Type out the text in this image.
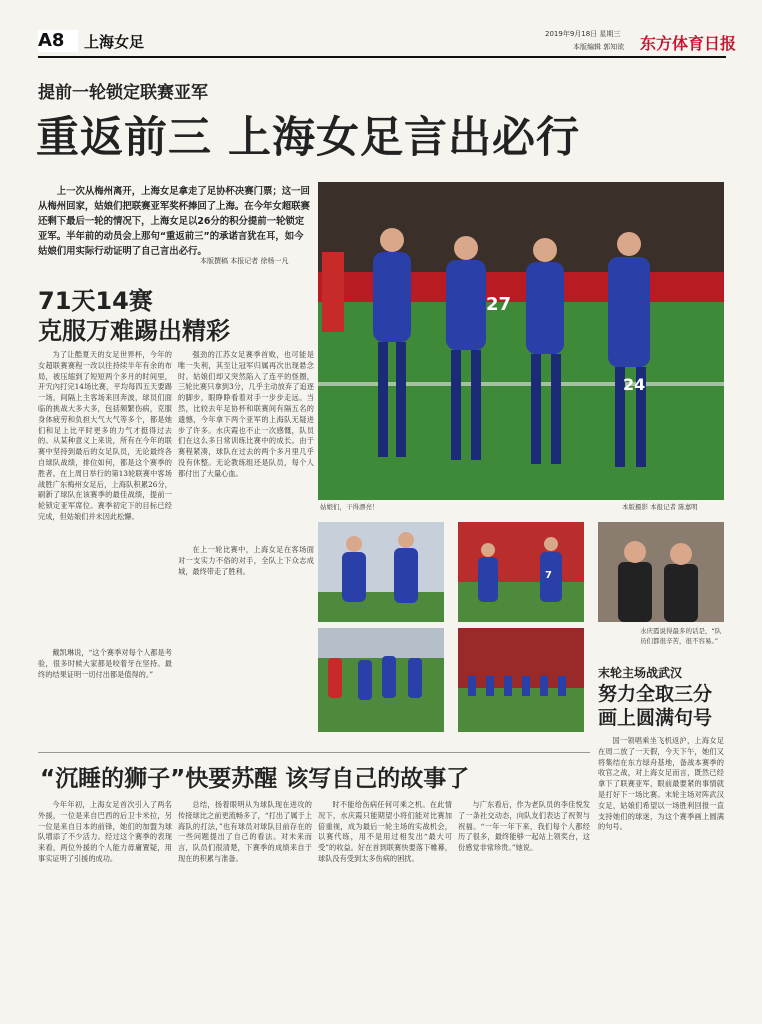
A8	上海女足	2019年9月18日 星期三
本版编辑 郭知欲 东方体育日报
提前一轮锁定联赛亚军
重返前三 上海女足言出必行
上一次从梅州离开，上海女足拿走了足协杯决赛门票；这一回从梅州回家，姑娘们把联赛亚军奖杯捧回了上海。在今年女超联赛还剩下最后一轮的情况下，上海女足以26分的积分提前一轮锁定亚军。半年前的动员会上那句“重返前三”的承诺言犹在耳，如今姑娘们用实际行动证明了自己言出必行。
本版撰稿 本报记者 徐杨一凡
27
24
姑娘们，干得漂亮！	本版摄影 本报记者 陈嘉明
71天14赛
克服万难踢出精彩
为了让酷夏天的女足世界杯，今年的女超联赛赛程一改以往持续半年有余的布局，被压缩到了短短两个多月的时间里，开宄內打完14场比赛，平均每四五天要踢一场，间隔上主客场来回奔波，球员们面临的挑战大多大多，包括频繁伤病，克服身体疲劳和负担大气大气等多个，都是她们和足上比平时更多的力气才挺得过去的。从某种意义上来说，所有在今年的联赛中坚持到最后的女足队员，无论最终各自球队战绩，排位如何，都是这个赛季的胜者。在上周日举行的第13轮联赛中客场战胜广东梅州女足后，上海队积累26分，刷新了球队在该赛季的最佳战绩，提前一轮锁定亚军席位。赛季初定下的目标已经完成，但姑娘们并未因此松懈。
强劲的江苏女足赛季首败，也可能是唯一失利，其至让冠军归属再次出现悬念时。姑娘们却又突然陷入了连平的怪圈，三轮比赛只拿到3分，几乎主动放弃了追逐的脚步，眼睁睁看着对手一步步走远。当然，比较去年足协杯和联赛间有隔五名的遗憾，今年拿下两个亚军的上海队无疑进步了许多。水庆霞也不止一次感慨，队员们在这么多日常训练比赛中的成长。由于赛程紧凑，球队在过去的两个多月里几乎没有休整。无论教练组还是队员，每个人都付出了大量心血。
戴凯琳说，“这个赛季对每个人都是考验，很多时候大家都是咬着牙在坚持。最终的结果证明一切付出都是值得的。”
在上一轮比赛中，上海女足在客场面对一支实力不俗的对手，全队上下众志成城，最终带走了胜利。	7
水庆霞说得最多的话是，“队员们都很辛苦，很不容易。”
末轮主场战武汉
努力全取三分
画上圆满句号
国一领唱乘坐飞机返沪，上海女足在周二放了一天假，今天下午，她们又将集结在东方绿舟基地，备战本赛季的收官之战，对上海女足而言，既然已经拿下了联赛亚军，眼前最要紧的事情就是打好下一场比赛。末轮主场对阵武汉女足，姑娘们希望以一场胜利回报一直支持她们的球迷，为这个赛季画上圆满的句号。
“沉睡的狮子”快要苏醒 该写自己的故事了
今年年初，上海女足首次引入了两名外援，一位是来自巴西的后卫卡米拉，另一位是来自日本的前锋，她们的加盟为球队增添了不少活力。经过这个赛季的表现来看，两位外援的个人能力毋庸置疑，用事实证明了引援的成功。
总结，扬着眼明从为球队现在进攻的传接球比之前更流畅多了，“打出了属于上海队的打法，”也有球员对球队目前存在的一些问题提出了自己的看法。对未来而言，队员们很清楚，下赛季的成绩来自于现在的积累与准备。
时不能给伤病任何可乘之机。在此情况下，水庆霞只能期望小将们能对比赛加倍重视，成为最后一轮主场的实战机会，以赛代练，用不是用过相发出“最大可受”的收益。好在首到联赛快要落下帷幕，球队没有受到太多伤病的困扰。
与广东看后，作为老队员的李佳悦发了一条社交动态，向队友们表达了祝贺与祝福。“一年一年下来，我们每个人都经历了很多，最终能够一起站上领奖台，这份感觉非常珍贵。”她说。
